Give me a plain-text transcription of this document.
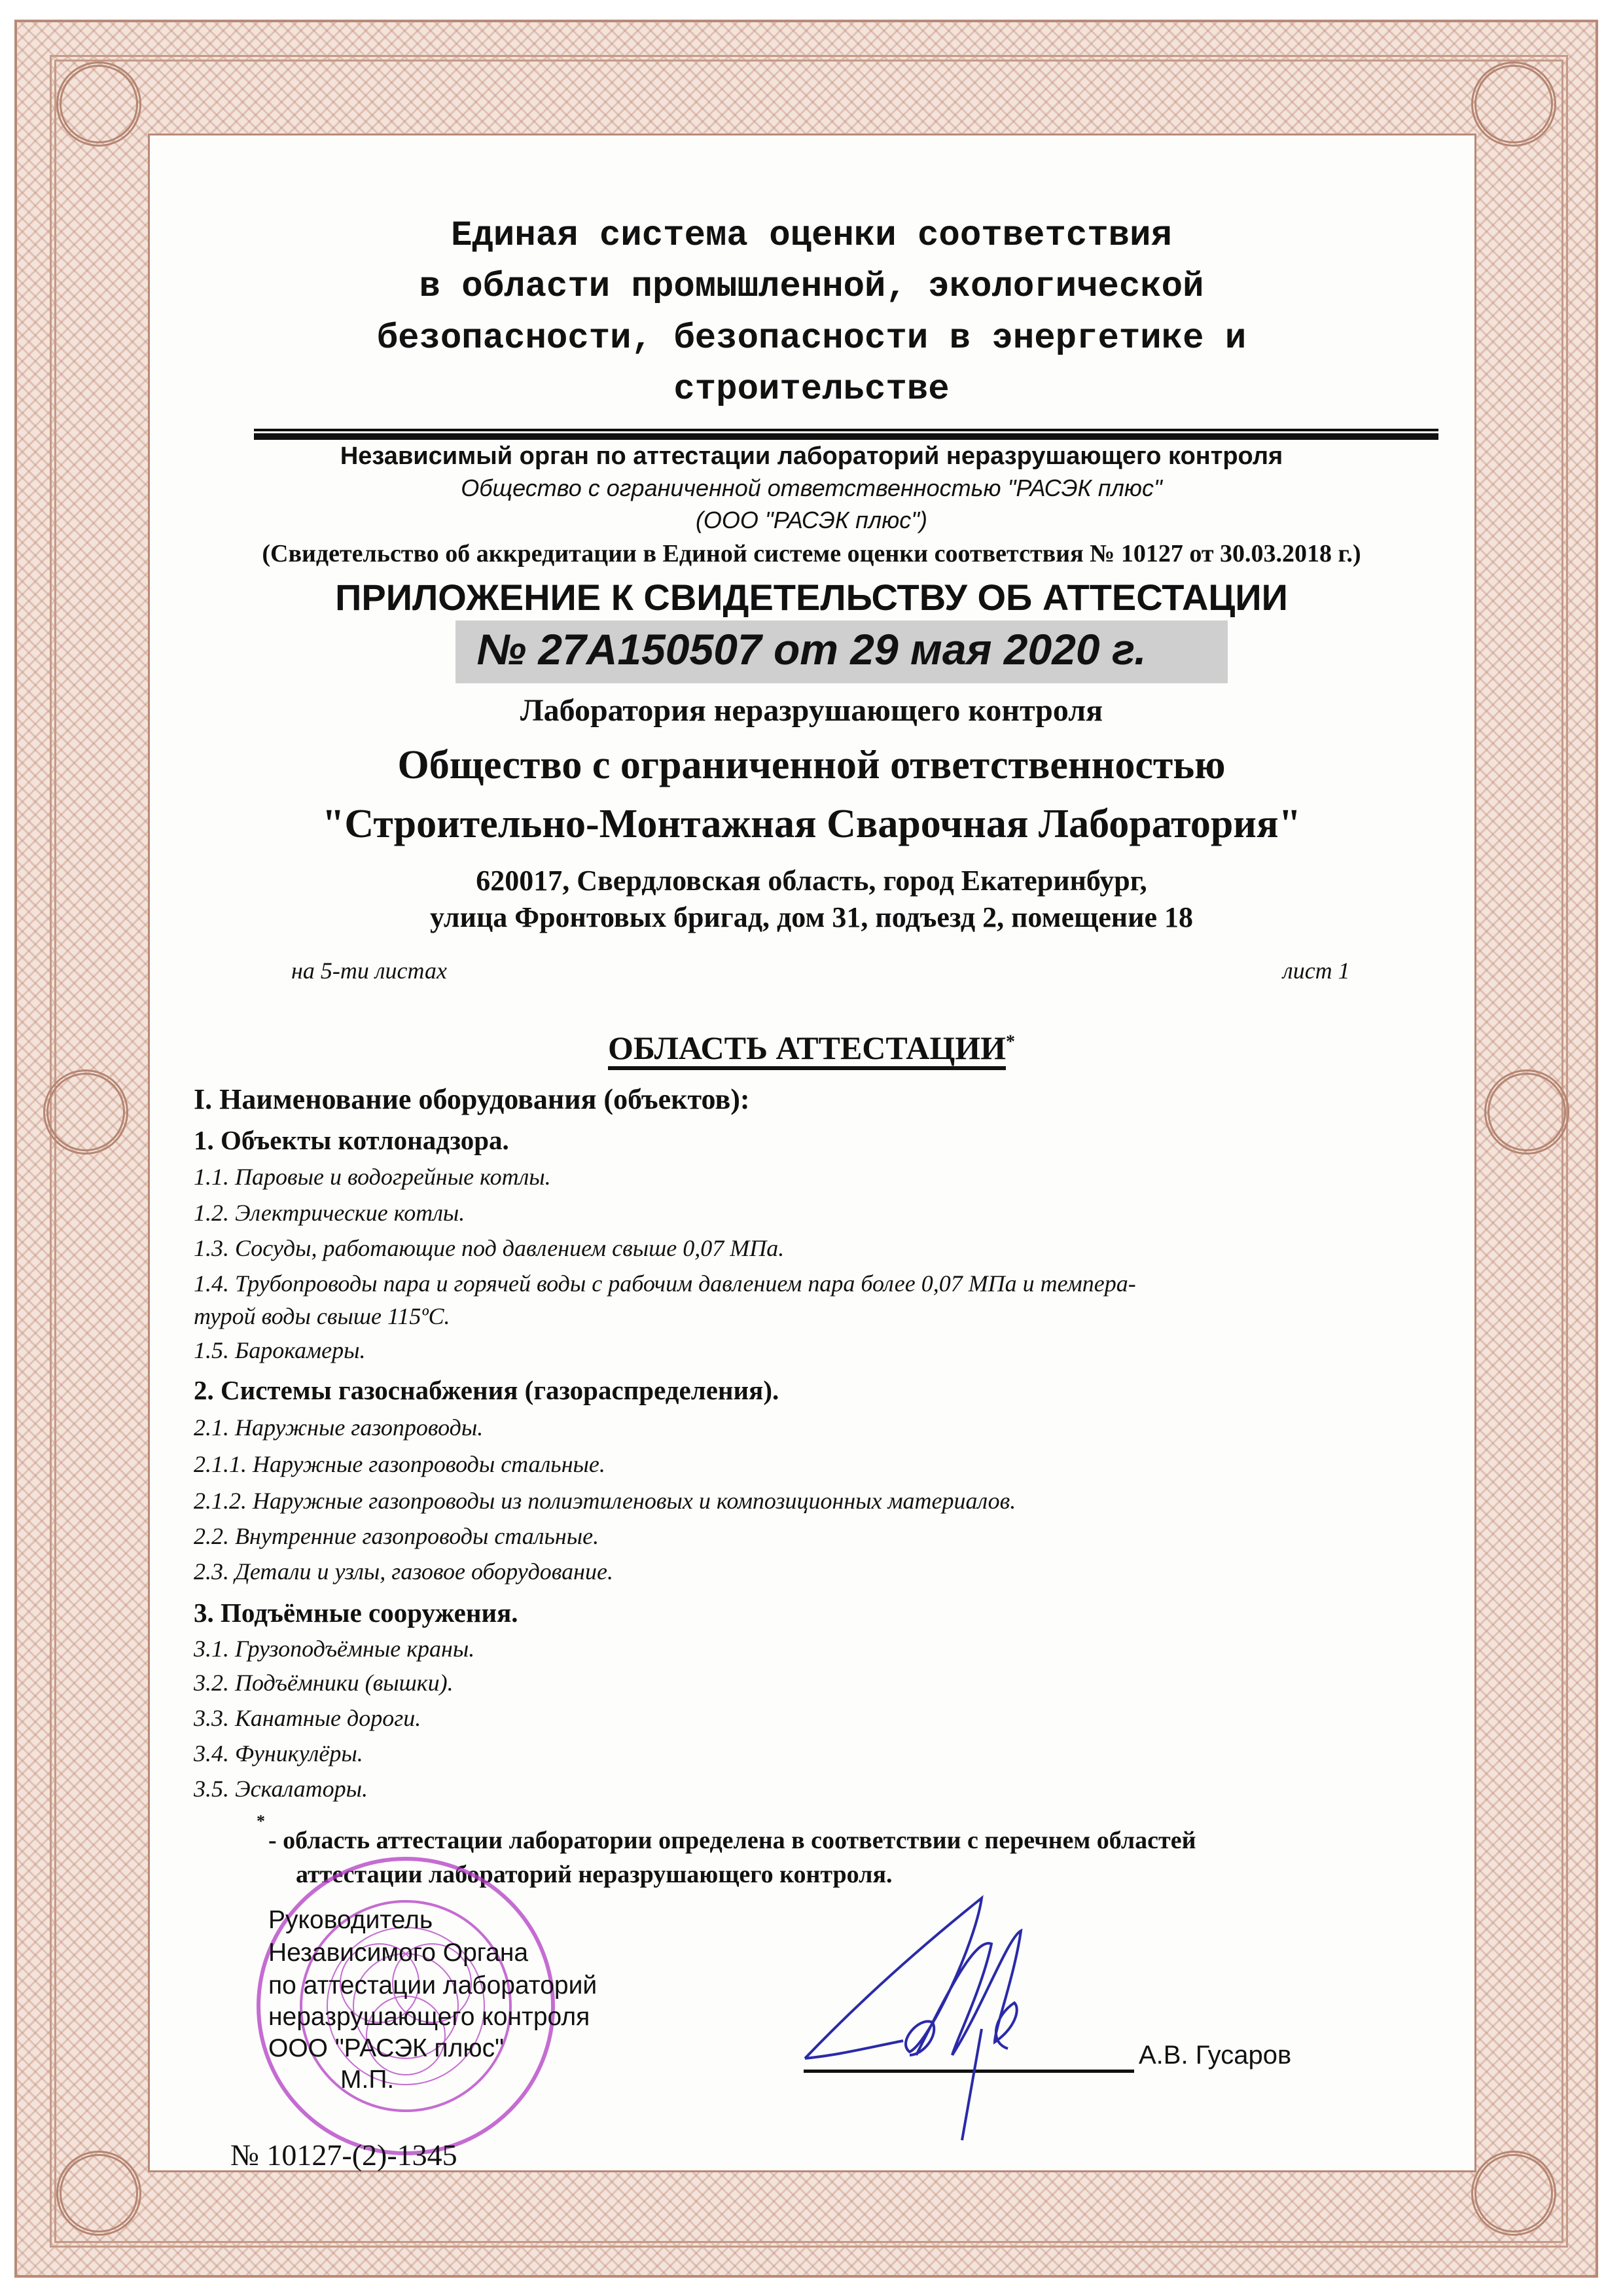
Единая система оценки соответствия
в области промышленной, экологической
безопасности, безопасности в энергетике и
строительстве
Независимый орган по аттестации лабораторий неразрушающего контроля
Общество с ограниченной ответственностью "РАСЭК плюс"
(ООО "РАСЭК плюс")
(Свидетельство об аккредитации в Единой системе оценки соответствия № 10127 от 30.03.2018 г.)
ПРИЛОЖЕНИЕ К СВИДЕТЕЛЬСТВУ ОБ АТТЕСТАЦИИ
№ 27А150507 от 29 мая 2020 г.
Лаборатория неразрушающего контроля
Общество с ограниченной ответственностью
"Строительно-Монтажная Сварочная Лаборатория"
620017, Свердловская область, город Екатеринбург,
улица Фронтовых бригад, дом 31, подъезд 2, помещение 18
на 5-ти листах	лист 1
ОБЛАСТЬ АТТЕСТАЦИИ*
I. Наименование оборудования (объектов):
1. Объекты котлонадзора.
1.1. Паровые и водогрейные котлы.
1.2. Электрические котлы.
1.3. Сосуды, работающие под давлением свыше 0,07 МПа.
1.4. Трубопроводы пара и горячей воды с рабочим давлением пара более 0,07 МПа и темпера-
турой воды свыше 115ºС.
1.5. Барокамеры.
2. Системы газоснабжения (газораспределения).
2.1. Наружные газопроводы.
2.1.1. Наружные газопроводы стальные.
2.1.2. Наружные газопроводы из полиэтиленовых и композиционных материалов.
2.2. Внутренние газопроводы стальные.
2.3. Детали и узлы, газовое оборудование.
3. Подъёмные сооружения.
3.1. Грузоподъёмные краны.
3.2. Подъёмники (вышки).
3.3. Канатные дороги.
3.4. Фуникулёры.
3.5. Эскалаторы.
*
- область аттестации лаборатории определена в соответствии с перечнем областей
аттестации лабораторий неразрушающего контроля.
Руководитель
Независимого Органа
по аттестации лабораторий
неразрушающего контроля
ООО "РАСЭК плюс"
М.П.
А.В. Гусаров
№ 10127-(2)-1345
